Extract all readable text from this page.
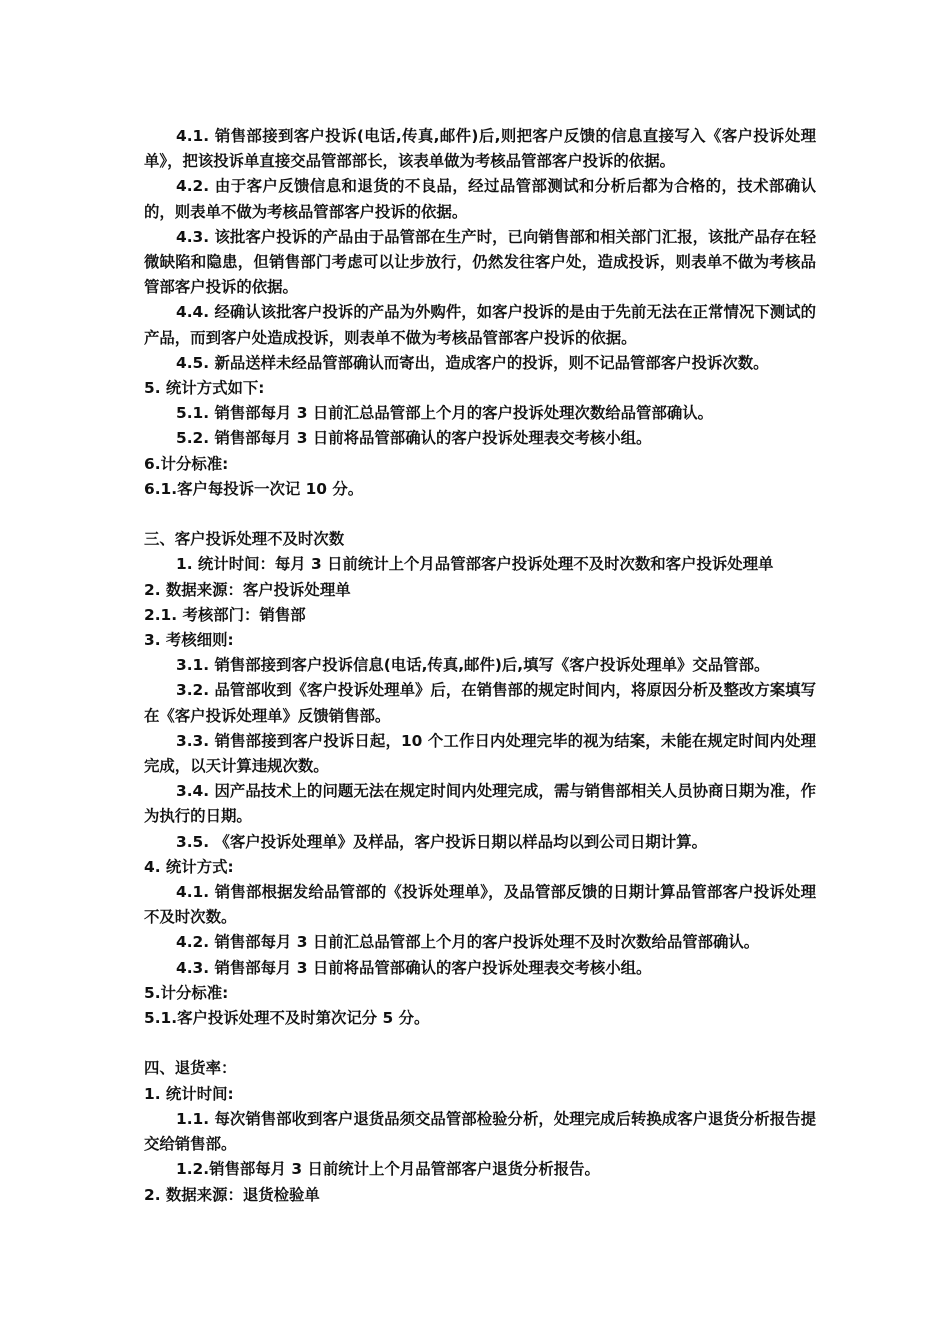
4.1. 销售部接到客户投诉(电话,传真,邮件)后,则把客户反馈的信息直接写入《客户投诉处理单》，把该投诉单直接交品管部部长，该表单做为考核品管部客户投诉的依据。

4.2. 由于客户反馈信息和退货的不良品，经过品管部测试和分析后都为合格的，技术部确认的，则表单不做为考核品管部客户投诉的依据。

4.3. 该批客户投诉的产品由于品管部在生产时，已向销售部和相关部门汇报，该批产品存在轻微缺陷和隐患，但销售部门考虑可以让步放行，仍然发往客户处，造成投诉，则表单不做为考核品管部客户投诉的依据。

4.4. 经确认该批客户投诉的产品为外购件，如客户投诉的是由于先前无法在正常情况下测试的产品，而到客户处造成投诉，则表单不做为考核品管部客户投诉的依据。

4.5. 新品送样未经品管部确认而寄出，造成客户的投诉，则不记品管部客户投诉次数。

5. 统计方式如下:

5.1. 销售部每月 3 日前汇总品管部上个月的客户投诉处理次数给品管部确认。

5.2. 销售部每月 3 日前将品管部确认的客户投诉处理表交考核小组。

6.计分标准:

6.1.客户每投诉一次记 10 分。

三、客户投诉处理不及时次数

1. 统计时间：每月 3 日前统计上个月品管部客户投诉处理不及时次数和客户投诉处理单

2. 数据来源：客户投诉处理单

2.1. 考核部门：销售部

3. 考核细则:

3.1. 销售部接到客户投诉信息(电话,传真,邮件)后,填写《客户投诉处理单》交品管部。

3.2. 品管部收到《客户投诉处理单》后，在销售部的规定时间内，将原因分析及整改方案填写在《客户投诉处理单》反馈销售部。

3.3. 销售部接到客户投诉日起，10 个工作日内处理完毕的视为结案，未能在规定时间内处理完成，以天计算违规次数。

3.4. 因产品技术上的问题无法在规定时间内处理完成，需与销售部相关人员协商日期为准，作为执行的日期。

3.5. 《客户投诉处理单》及样品，客户投诉日期以样品均以到公司日期计算。

4. 统计方式:

4.1. 销售部根据发给品管部的《投诉处理单》，及品管部反馈的日期计算品管部客户投诉处理不及时次数。

4.2. 销售部每月 3 日前汇总品管部上个月的客户投诉处理不及时次数给品管部确认。

4.3. 销售部每月 3 日前将品管部确认的客户投诉处理表交考核小组。

5.计分标准:

5.1.客户投诉处理不及时第次记分 5 分。

四、退货率：

1. 统计时间:

1.1. 每次销售部收到客户退货品须交品管部检验分析，处理完成后转换成客户退货分析报告提交给销售部。

1.2.销售部每月 3 日前统计上个月品管部客户退货分析报告。

2. 数据来源：退货检验单
